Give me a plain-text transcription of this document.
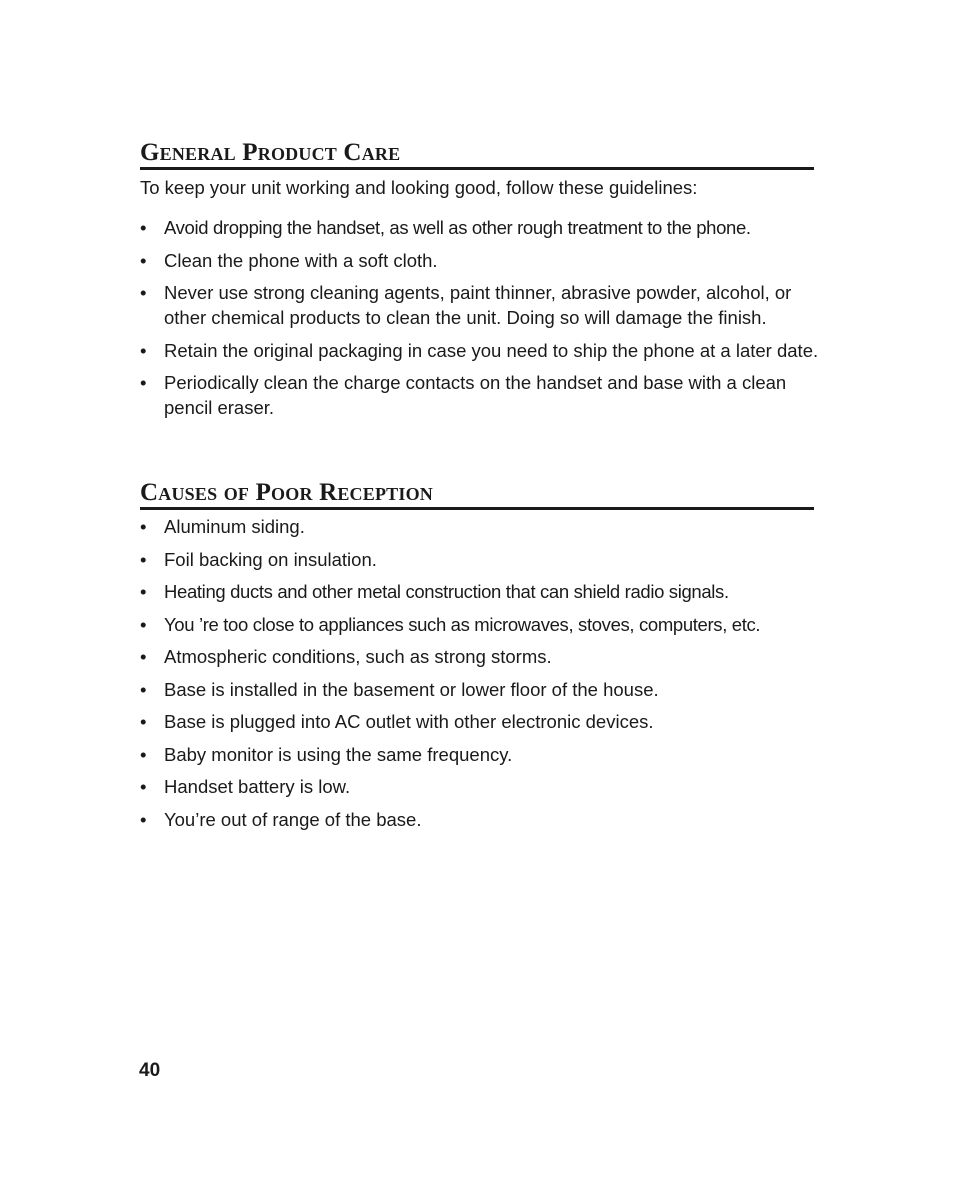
General Product Care
To keep your unit working and looking good, follow these guidelines:
• Avoid dropping the handset, as well as other rough treatment to the phone.
• Clean the phone with a soft cloth.
• Never use strong cleaning agents, paint thinner, abrasive powder, alcohol, or other chemical products to clean the unit. Doing so will damage the finish.
• Retain the original packaging in case you need to ship the phone at a later date.
• Periodically clean the charge contacts on the handset and base with a clean pencil eraser.
Causes of Poor Reception
• Aluminum siding.
• Foil backing on insulation.
• Heating ducts and other metal construction that can shield radio signals.
• You ’re too close to appliances such as microwaves, stoves, computers, etc.
• Atmospheric conditions, such as strong storms.
• Base is installed in the basement or lower floor of the house.
• Base is plugged into AC outlet with other electronic devices.
• Baby monitor is using the same frequency.
• Handset battery is low.
• You’re out of range of the base.
40
